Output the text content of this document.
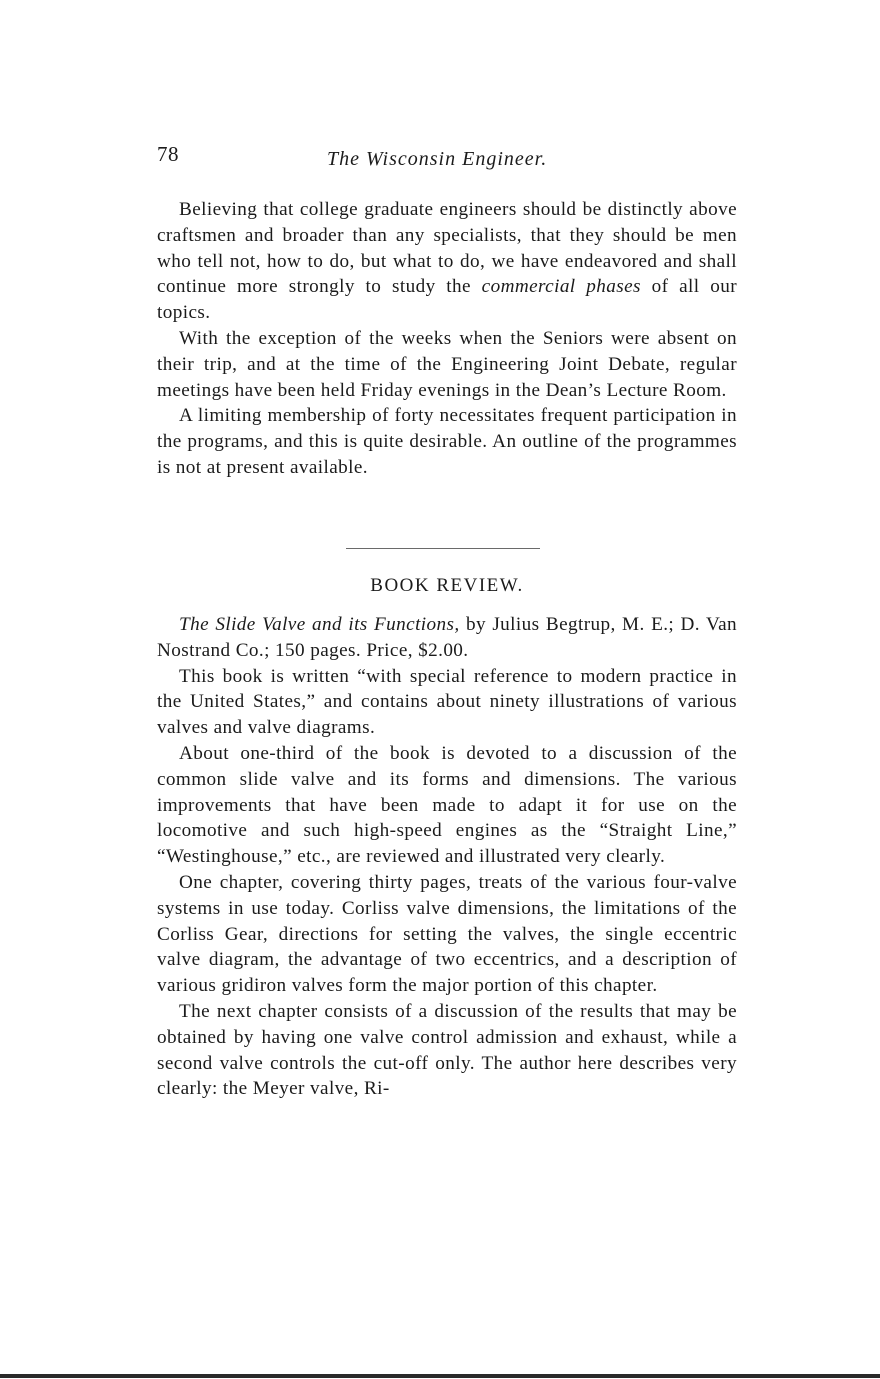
78	The Wisconsin Engineer.

Believing that college graduate engineers should be distinctly above craftsmen and broader than any specialists, that they should be men who tell not, how to do, but what to do, we have endeavored and shall continue more strongly to study the commercial phases of all our topics.

With the exception of the weeks when the Seniors were absent on their trip, and at the time of the Engineering Joint Debate, regular meetings have been held Friday evenings in the Dean’s Lecture Room.

A limiting membership of forty necessitates frequent participation in the programs, and this is quite desirable. An outline of the programmes is not at present available.

BOOK REVIEW.

The Slide Valve and its Functions, by Julius Begtrup, M. E.; D. Van Nostrand Co.; 150 pages. Price, $2.00.

This book is written “with special reference to modern practice in the United States,” and contains about ninety illustrations of various valves and valve diagrams.

About one-third of the book is devoted to a discussion of the common slide valve and its forms and dimensions. The various improvements that have been made to adapt it for use on the locomotive and such high-speed engines as the “Straight Line,” “Westinghouse,” etc., are reviewed and illustrated very clearly.

One chapter, covering thirty pages, treats of the various four-valve systems in use today. Corliss valve dimensions, the limitations of the Corliss Gear, directions for setting the valves, the single eccentric valve diagram, the advantage of two eccentrics, and a description of various gridiron valves form the major portion of this chapter.

The next chapter consists of a discussion of the results that may be obtained by having one valve control admission and exhaust, while a second valve controls the cut-off only. The author here describes very clearly: the Meyer valve, Ri-
